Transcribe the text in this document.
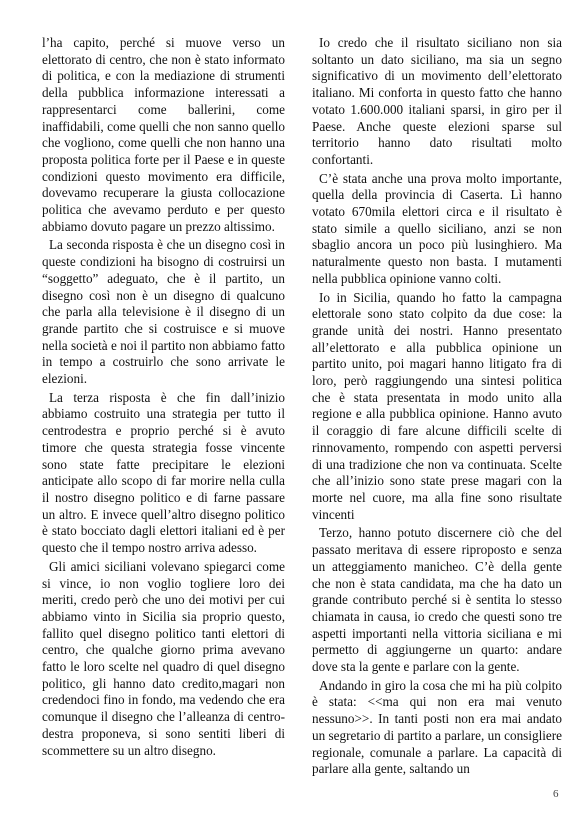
l’ha capito, perché si muove verso un elettorato di centro, che non è stato informato di politica, e con la mediazione di strumenti della pubblica informazione interessati a rappresentarci come ballerini, come inaffidabili, come quelli che non sanno quello che vogliono, come quelli che non hanno una proposta politica forte per il Paese e in queste condizioni questo movimento era difficile, dovevamo recuperare la giusta collocazione politica che avevamo perduto e per questo abbiamo dovuto pagare un prezzo altissimo.

La seconda risposta è che un disegno così in queste condizioni ha bisogno di costruirsi un “soggetto” adeguato, che è il partito, un disegno così non è un disegno di qualcuno che parla alla televisione è il disegno di un grande partito che si costruisce e si muove nella società e noi il partito non abbiamo fatto in tempo a costruirlo che sono arrivate le elezioni.

La terza risposta è che fin dall’inizio abbiamo costruito una strategia per tutto il centrodestra e proprio perché si è avuto timore che questa strategia fosse vincente sono state fatte precipitare le elezioni anticipate allo scopo di far morire nella culla il nostro disegno politico e di farne passare un altro. E invece quell’altro disegno politico è stato bocciato dagli elettori italiani ed è per questo che il tempo nostro arriva adesso.

Gli amici siciliani volevano spiegarci come si vince, io non voglio togliere loro dei meriti, credo però che uno dei motivi per cui abbiamo vinto in Sicilia sia proprio questo, fallito quel disegno politico tanti elettori di centro, che qualche giorno prima avevano fatto le loro scelte nel quadro di quel disegno politico, gli hanno dato credito,magari non credendoci fino in fondo, ma vedendo che era comunque il disegno che l’alleanza di centro-destra proponeva, si sono sentiti liberi di scommettere su un altro disegno.

Io credo che il risultato siciliano non sia soltanto un dato siciliano, ma sia un segno significativo di un movimento dell’elettorato italiano. Mi conforta in questo fatto che hanno votato 1.600.000 italiani sparsi, in giro per il Paese. Anche queste elezioni sparse sul territorio hanno dato risultati molto confortanti.

C’è stata anche una prova molto importante, quella della provincia di Caserta. Lì hanno votato 670mila elettori circa e il risultato è stato simile a quello siciliano, anzi se non sbaglio ancora un poco più lusinghiero. Ma naturalmente questo non basta. I mutamenti nella pubblica opinione vanno colti.

Io in Sicilia, quando ho fatto la campagna elettorale sono stato colpito da due cose: la grande unità dei nostri. Hanno presentato all’elettorato e alla pubblica opinione un partito unito, poi magari hanno litigato fra di loro, però raggiungendo una sintesi politica che è stata presentata in modo unito alla regione e alla pubblica opinione. Hanno avuto il coraggio di fare alcune difficili scelte di rinnovamento, rompendo con aspetti perversi di una tradizione che non va continuata. Scelte che all’inizio sono state prese magari con la morte nel cuore, ma alla fine sono risultate vincenti

Terzo, hanno potuto discernere ciò che del passato meritava di essere riproposto e senza un atteggiamento manicheo. C’è della gente che non è stata candidata, ma che ha dato un grande contributo perché si è sentita lo stesso chiamata in causa, io credo che questi sono tre aspetti importanti nella vittoria siciliana e mi permetto di aggiungerne un quarto: andare dove sta la gente e parlare con la gente.

Andando in giro la cosa che mi ha più colpito è stata: <<ma qui non era mai venuto nessuno>>. In tanti posti non era mai andato un segretario di partito a parlare, un consigliere regionale, comunale a parlare. La capacità di parlare alla gente, saltando un

6
